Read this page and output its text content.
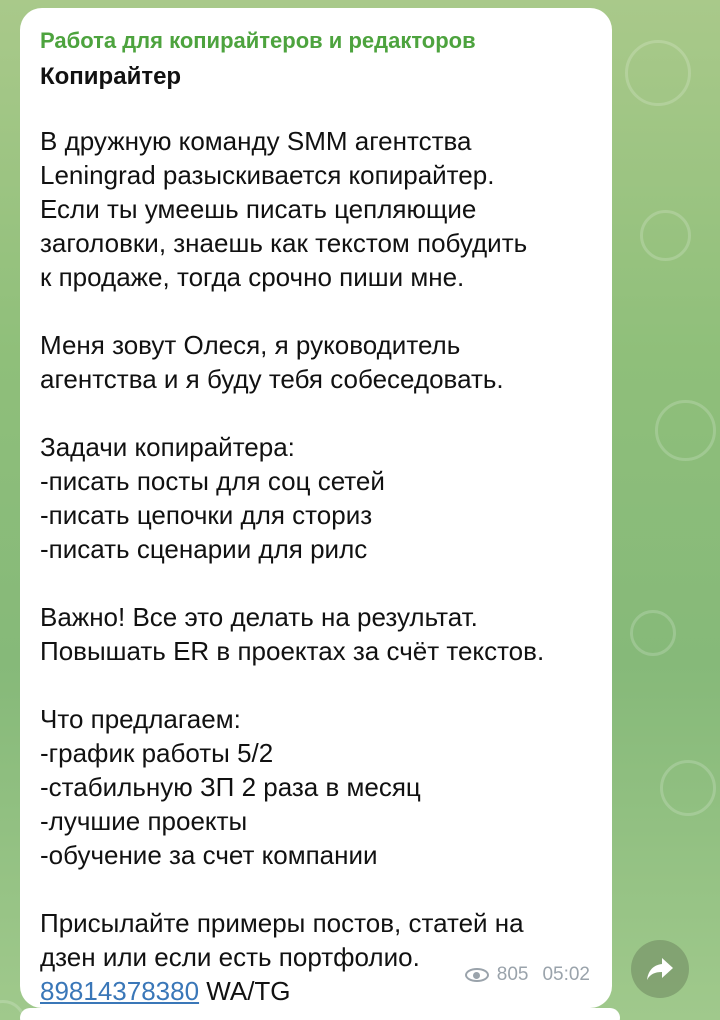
Работа для копирайтеров и редакторов
Копирайтер
В дружную команду SMM агентства
Leningrad разыскивается копирайтер.
Если ты умеешь писать цепляющие
заголовки, знаешь как текстом побудить
к продаже, тогда срочно пиши мне.
Меня зовут Олеся, я руководитель
агентства и я буду тебя собеседовать.
Задачи копирайтера:
-писать посты для соц сетей
-писать цепочки для сториз
-писать сценарии для рилс
Важно! Все это делать на результат.
Повышать ER в проектах за счёт текстов.
Что предлагаем:
-график работы 5/2
-стабильную ЗП 2 раза в месяц
-лучшие проекты
-обучение за счет компании
Присылайте примеры постов, статей на
дзен или если есть портфолио.
89814378380 WA/TG
805 05:02
